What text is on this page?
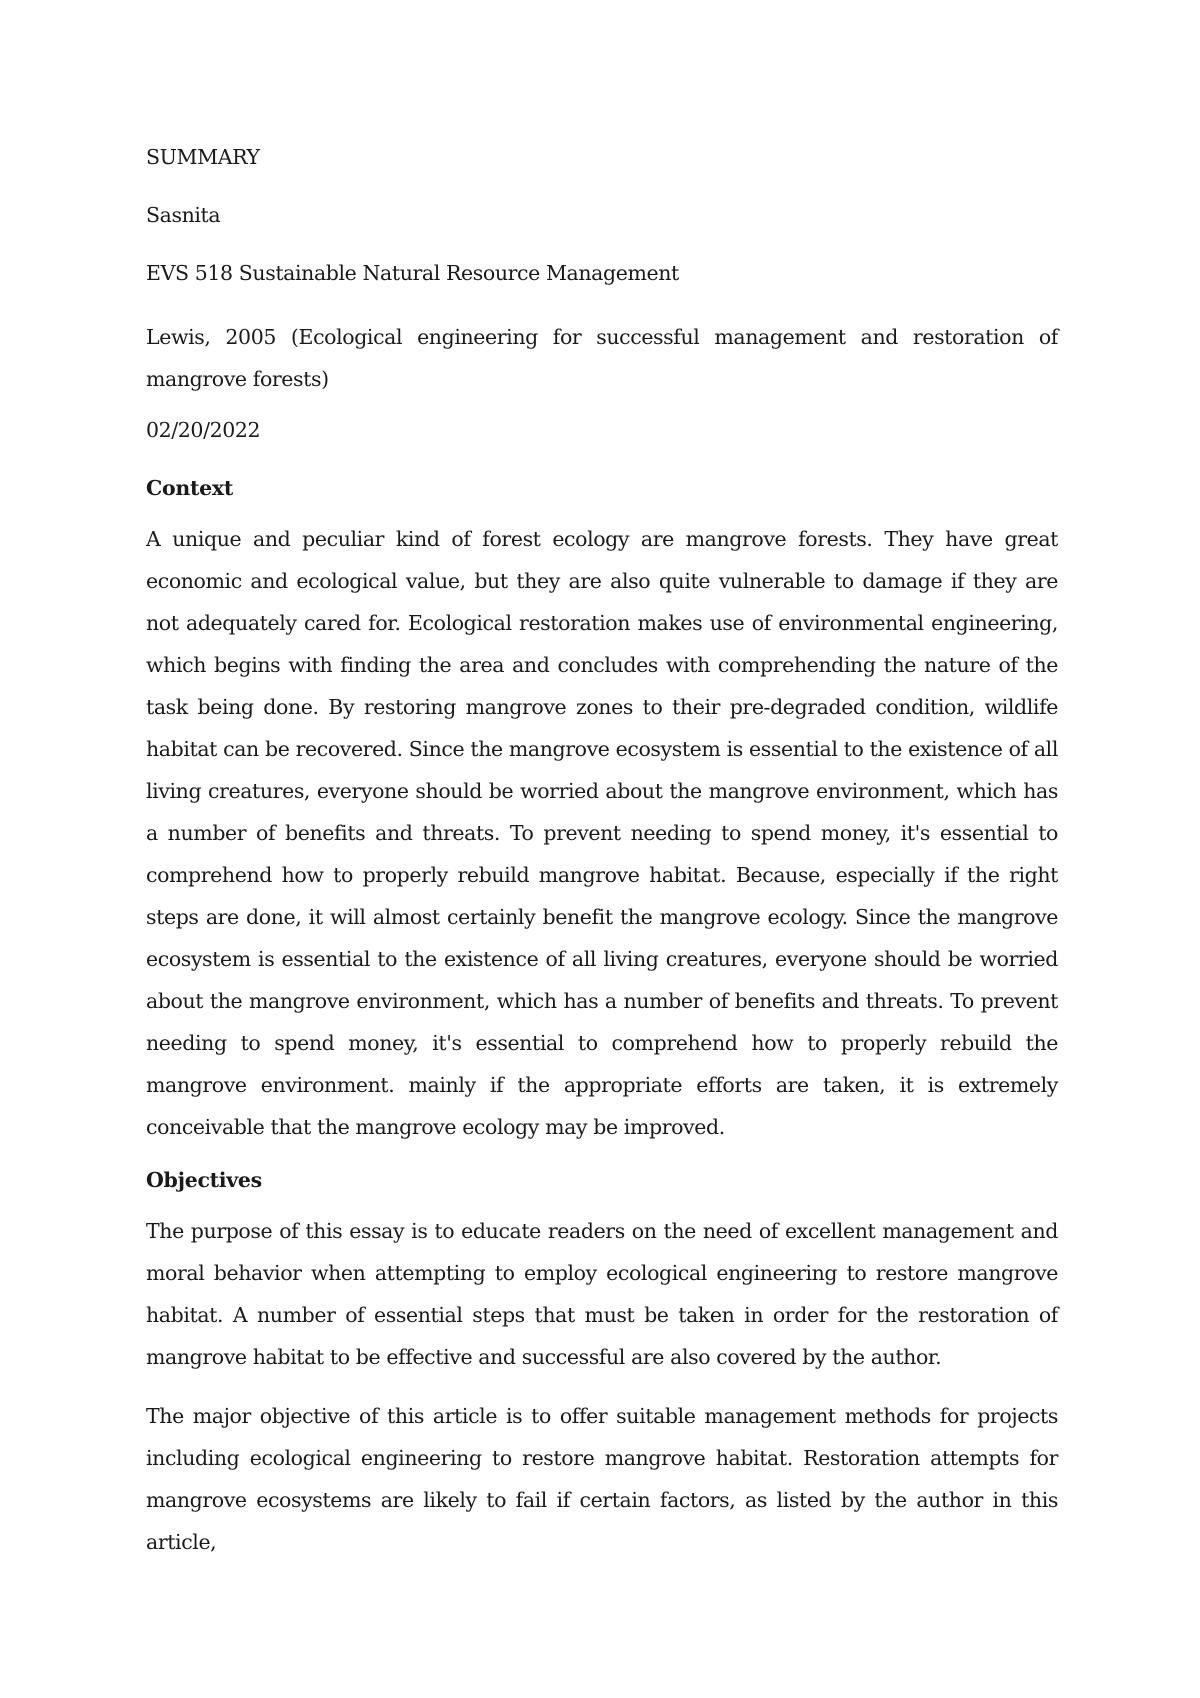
SUMMARY
Sasnita
EVS 518 Sustainable Natural Resource Management
Lewis, 2005 (Ecological engineering for successful management and restoration of mangrove forests)
02/20/2022
Context
A unique and peculiar kind of forest ecology are mangrove forests. They have great economic and ecological value, but they are also quite vulnerable to damage if they are not adequately cared for. Ecological restoration makes use of environmental engineering, which begins with finding the area and concludes with comprehending the nature of the task being done. By restoring mangrove zones to their pre-degraded condition, wildlife habitat can be recovered. Since the mangrove ecosystem is essential to the existence of all living creatures, everyone should be worried about the mangrove environment, which has a number of benefits and threats. To prevent needing to spend money, it's essential to comprehend how to properly rebuild mangrove habitat. Because, especially if the right steps are done, it will almost certainly benefit the mangrove ecology. Since the mangrove ecosystem is essential to the existence of all living creatures, everyone should be worried about the mangrove environment, which has a number of benefits and threats. To prevent needing to spend money, it's essential to comprehend how to properly rebuild the mangrove environment. mainly if the appropriate efforts are taken, it is extremely conceivable that the mangrove ecology may be improved.
Objectives
The purpose of this essay is to educate readers on the need of excellent management and moral behavior when attempting to employ ecological engineering to restore mangrove habitat. A number of essential steps that must be taken in order for the restoration of mangrove habitat to be effective and successful are also covered by the author.
The major objective of this article is to offer suitable management methods for projects including ecological engineering to restore mangrove habitat. Restoration attempts for mangrove ecosystems are likely to fail if certain factors, as listed by the author in this article,
